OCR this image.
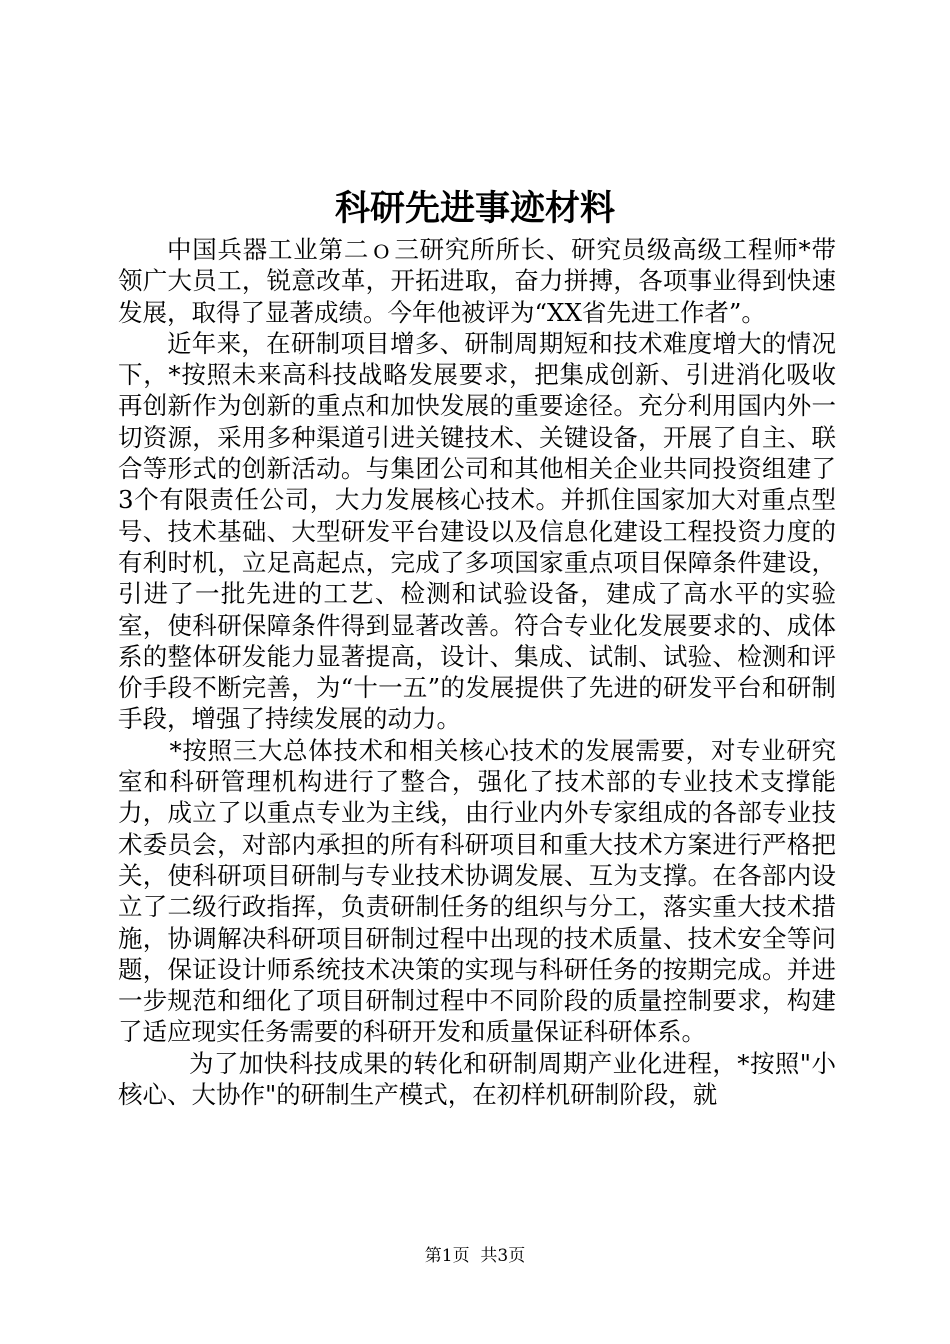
科研先进事迹材料

中国兵器工业第二ｏ三研究所所长、研究员级高级工程师*带领广大员工，锐意改革，开拓进取，奋力拼搏，各项事业得到快速发展，取得了显著成绩。今年他被评为“XX省先进工作者”。

近年来，在研制项目增多、研制周期短和技术难度增大的情况下，*按照未来高科技战略发展要求，把集成创新、引进消化吸收再创新作为创新的重点和加快发展的重要途径。充分利用国内外一切资源，采用多种渠道引进关键技术、关键设备，开展了自主、联合等形式的创新活动。与集团公司和其他相关企业共同投资组建了3个有限责任公司，大力发展核心技术。并抓住国家加大对重点型号、技术基础、大型研发平台建设以及信息化建设工程投资力度的有利时机，立足高起点，完成了多项国家重点项目保障条件建设，引进了一批先进的工艺、检测和试验设备，建成了高水平的实验室，使科研保障条件得到显著改善。符合专业化发展要求的、成体系的整体研发能力显著提高，设计、集成、试制、试验、检测和评价手段不断完善，为“十一五”的发展提供了先进的研发平台和研制手段，增强了持续发展的动力。

*按照三大总体技术和相关核心技术的发展需要，对专业研究室和科研管理机构进行了整合，强化了技术部的专业技术支撑能力，成立了以重点专业为主线，由行业内外专家组成的各部专业技术委员会，对部内承担的所有科研项目和重大技术方案进行严格把关，使科研项目研制与专业技术协调发展、互为支撑。在各部内设立了二级行政指挥，负责研制任务的组织与分工，落实重大技术措施，协调解决科研项目研制过程中出现的技术质量、技术安全等问题，保证设计师系统技术决策的实现与科研任务的按期完成。并进一步规范和细化了项目研制过程中不同阶段的质量控制要求，构建了适应现实任务需要的科研开发和质量保证科研体系。

为了加快科技成果的转化和研制周期产业化进程，*按照"小核心、大协作"的研制生产模式，在初样机研制阶段，就

第1页  共3页
